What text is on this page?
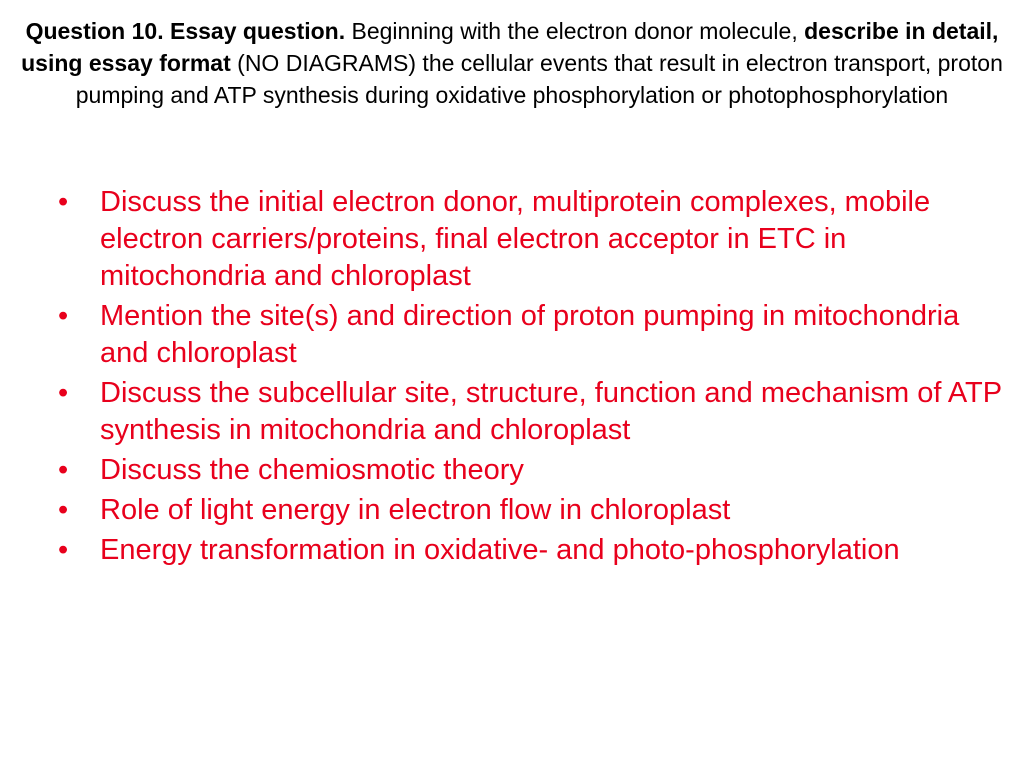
Question 10. Essay question. Beginning with the electron donor molecule, describe in detail, using essay format (NO DIAGRAMS) the cellular events that result in electron transport, proton pumping and ATP synthesis during oxidative phosphorylation or photophosphorylation
•	Discuss the initial electron donor, multiprotein complexes, mobile electron carriers/proteins, final electron acceptor in ETC in mitochondria and chloroplast
•	Mention the site(s) and direction of proton pumping in mitochondria and chloroplast
•	Discuss the subcellular site, structure, function and mechanism of ATP synthesis in mitochondria and chloroplast
•	Discuss the chemiosmotic theory
•	Role of light energy in electron flow in chloroplast
•	Energy transformation in oxidative- and photo-phosphorylation
